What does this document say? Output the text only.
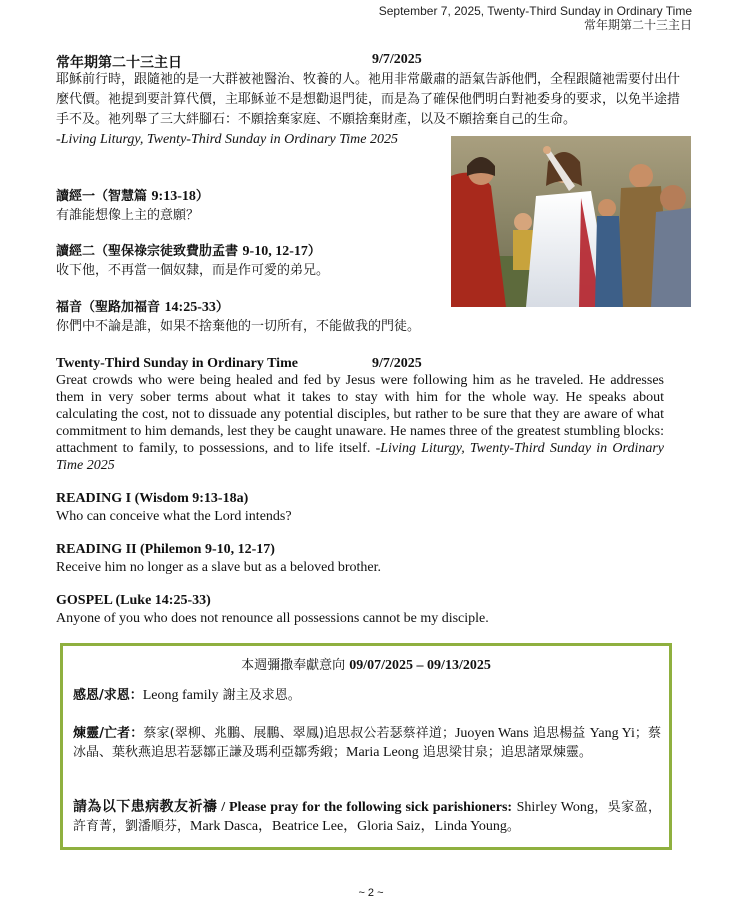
September 7, 2025, Twenty-Third Sunday in Ordinary Time
常年期第二十三主日
常年期第二十三主日	9/7/2025

耶穌前行時，跟隨祂的是一大群被祂醫治、牧養的人。祂用非常嚴肅的語氣告訴他們，全程跟隨祂需要付出什麼代價。祂提到要計算代價，主耶穌並不是想勸退門徒，而是為了確保他們明白對祂委身的要求，以免半途措手不及。祂列舉了三大絆腳石：不願捨棄家庭、不願捨棄財產，以及不願捨棄自己的生命。
-Living Liturgy, Twenty-Third Sunday in Ordinary Time 2025

讀經一（智慧篇 9:13-18）
有誰能想像上主的意願？
讀經二（聖保祿宗徒致費肋孟書 9-10, 12-17）
收下他，不再當一個奴隸，而是作可愛的弟兄。
福音（聖路加福音 14:25-33）
你們中不論是誰，如果不捨棄他的一切所有，不能做我的門徒。
Twenty-Third Sunday in Ordinary Time	9/7/2025

Great crowds who were being healed and fed by Jesus were following him as he traveled. He addresses them in very sober terms about what it takes to stay with him for the whole way. He speaks about calculating the cost, not to dissuade any potential disciples, but rather to be sure that they are aware of what commitment to him demands, lest they be caught unaware. He names three of the greatest stumbling blocks: attachment to family, to possessions, and to life itself. -Living Liturgy, Twenty-Third Sunday in Ordinary Time 2025

READING I (Wisdom 9:13-18a)
Who can conceive what the Lord intends?
READING II (Philemon 9-10, 12-17)
Receive him no longer as a slave but as a beloved brother.
GOSPEL (Luke 14:25-33)
Anyone of you who does not renounce all possessions cannot be my disciple.
本週彌撒奉獻意向 09/07/2025 – 09/13/2025

感恩/求恩：Leong family 謝主及求恩。

煉靈/亡者：蔡家(翠柳、兆鵬、展鵬、翠鳳)追思叔公若瑟蔡祥道；Juoyen Wans 追思楊益 Yang Yi；蔡冰晶、葉秋燕追思若瑟鄒正謙及瑪利亞鄒秀緞；Maria Leong 追思梁甘泉；追思諸眾煉靈。

請為以下患病教友祈禱 / Please pray for the following sick parishioners: Shirley Wong，吳家盈，許育菁，劉潘順芬，Mark Dasca，Beatrice Lee，Gloria Saiz，Linda Young。

~ 2 ~
